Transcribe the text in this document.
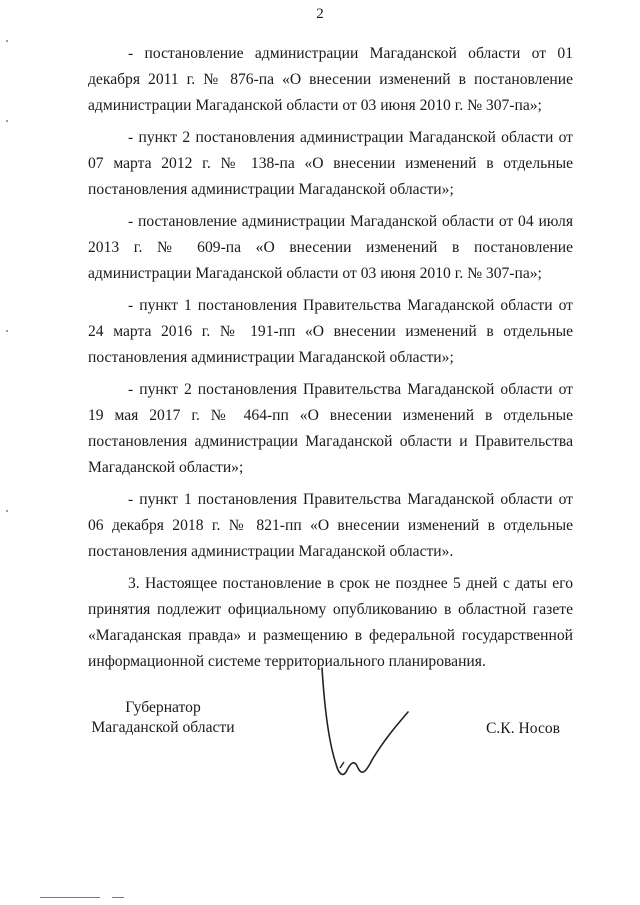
2

- постановление администрации Магаданской области от 01 декабря 2011 г. № 876-па «О внесении изменений в постановление администрации Магаданской области от 03 июня 2010 г. № 307-па»;

- пункт 2 постановления администрации Магаданской области от 07 марта 2012 г. № 138-па «О внесении изменений в отдельные постановления администрации Магаданской области»;

- постановление администрации Магаданской области от 04 июля 2013 г. № 609-па «О внесении изменений в постановление администрации Магаданской области от 03 июня 2010 г. № 307-па»;

- пункт 1 постановления Правительства Магаданской области от 24 марта 2016 г. № 191-пп «О внесении изменений в отдельные постановления администрации Магаданской области»;

- пункт 2 постановления Правительства Магаданской области от 19 мая 2017 г. № 464-пп «О внесении изменений в отдельные постановления администрации Магаданской области и Правительства Магаданской области»;

- пункт 1 постановления Правительства Магаданской области от 06 декабря 2018 г. № 821-пп «О внесении изменений в отдельные постановления администрации Магаданской области».

3. Настоящее постановление в срок не позднее 5 дней с даты его принятия подлежит официальному опубликованию в областной газете «Магаданская правда» и размещению в федеральной государственной информационной системе территориального планирования.

Губернатор
Магаданской области	С.К. Носов
